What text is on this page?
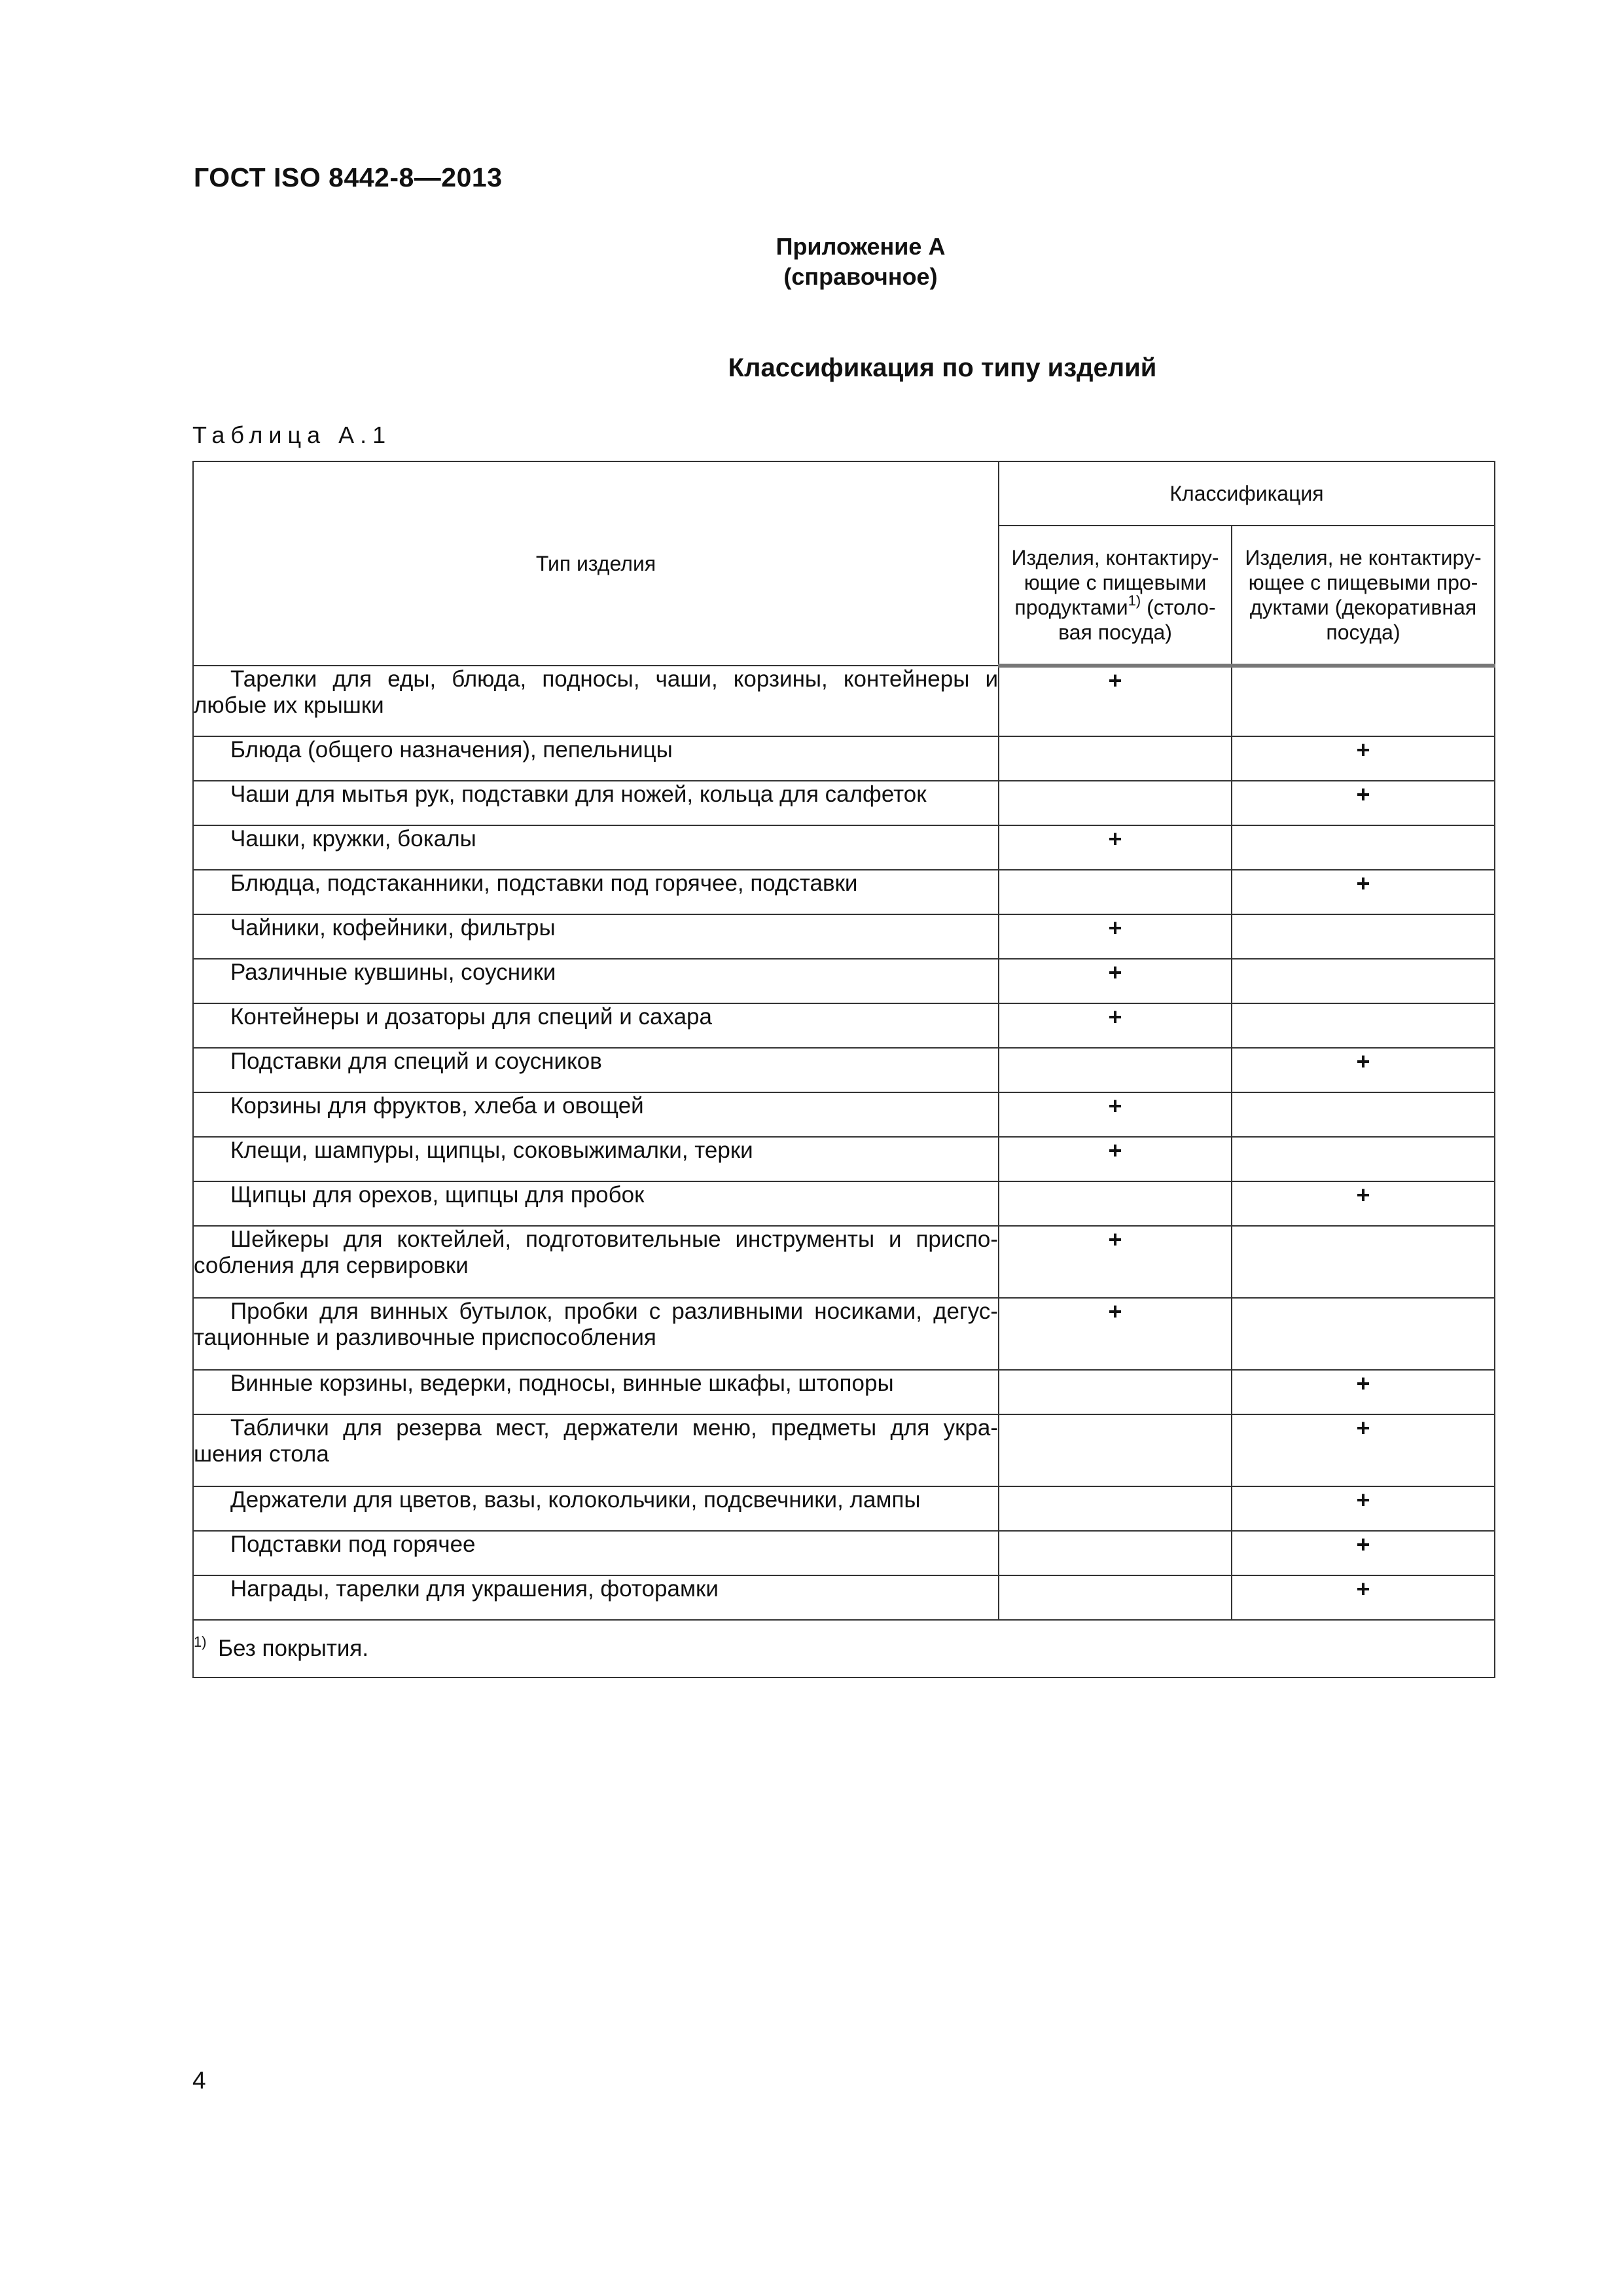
ГОСТ ISO 8442-8—2013
Приложение А
(справочное)
Классификация по типу изделий
Таблица А.1
Тип изделия	Классификация	
	Изделия, контактиру-ющие с пищевыми продуктами$^{1)}$ (столо-вая посуда)	Изделия, не контактиру-ющее с пищевыми про-дуктами (декоративная посуда)
Тарелки для еды, блюда, подносы, чаши, корзины, контейнеры и любые их крышки	+	
Блюда (общего назначения), пепельницы		+
Чаши для мытья рук, подставки для ножей, кольца для салфеток		+
Чашки, кружки, бокалы	+	
Блюдца, подстаканники, подставки под горячее, подставки		+
Чайники, кофейники, фильтры	+	
Различные кувшины, соусники	+	
Контейнеры и дозаторы для специй и сахара	+	
Подставки для специй и соусников		+
Корзины для фруктов, хлеба и овощей	+	
Клещи, шампуры, щипцы, соковыжималки, терки	+	
Щипцы для орехов, щипцы для пробок		+
Шейкеры для коктейлей, подготовительные инструменты и приспо-собления для сервировки	+	
Пробки для винных бутылок, пробки с разливными носиками, дегус-тационные и разливочные приспособления	+	
Винные корзины, ведерки, подносы, винные шкафы, штопоры		+
Таблички для резерва мест, держатели меню, предметы для укра-шения стола		+
Держатели для цветов, вазы, колокольчики, подсвечники, лампы		+
Подставки под горячее		+
Награды, тарелки для украшения, фоторамки		+
$^{1)}$  Без покрытия.		
4
